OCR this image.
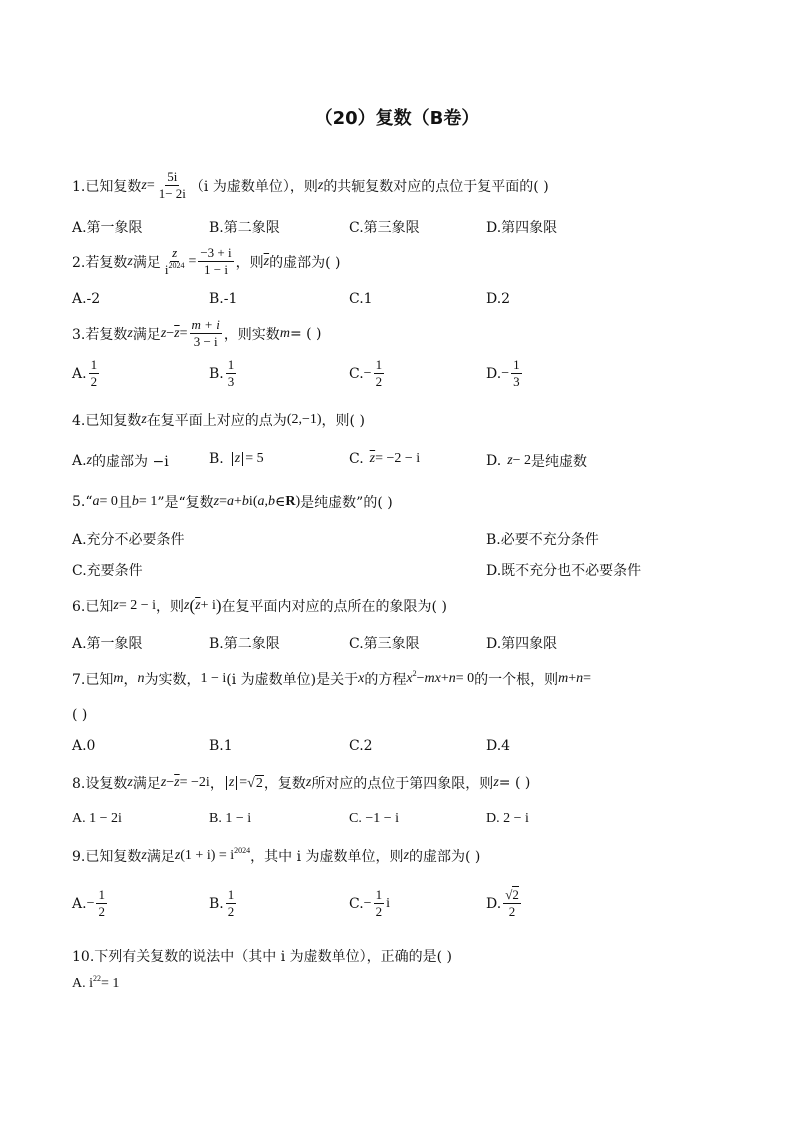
（20）复数（B卷）
1.已知复数 $z = \frac{5i}{1- 2i} (i$ 为虚数单位），则 z 的共轭复数对应的点位于复平面的( )
A.第一象限	B.第二象限	C.第三象限	D.第四象限
2.若复数 z 满足 $\frac{z}{i^{2024}} = \frac{-3 + i}{1 - i}$ ，则 $\overline{z}$ 的虚部为( )
A.-2	B.-1	C.1	D.2
3.若复数 z 满足 $z - \overline{z} = \frac{m + i}{3 - i}$ ，则实数 m = ( )
A. $\frac{1}{2}$	B. $\frac{1}{3}$	C. − $\frac{1}{2}$	D. − $\frac{1}{3}$
4.已知复数 z 在复平面上对应的点为 (2,−1) ，则( )
A. z 的虚部为 −i	B. z = 5	C. $\overline{z} = -2 - i$	D. z − 2 是纯虚数
5.“ a = 0 且 b = 1 ”是“复数 z = a + b i ( a , b ∈ R ) 是纯虚数”的( )
A.充分不必要条件	B.必要不充分条件
C.充要条件	D.既不充分也不必要条件
6.已知 z = 2 − i ，则 z ( $\overline{z} + i$ ) 在复平面内对应的点所在的象限为( )
A.第一象限	B.第二象限	C.第三象限	D.第四象限
7.已知 m ， n 为实数， 1 − i (i 为虚数单位)是关于 x 的方程 x 2 − m x + n = 0 的一个根，则 m + n =
( )
A.0	B.1	C.2	D.4
8.设复数 z 满足 $z - \overline{z} = -2i$ ， z = √ 2 ，复数 z 所对应的点位于第四象限，则 z = ( )
A. 1 − 2i	B. 1 − i	C. −1 − i	D. 2 − i
9.已知复数 z 满足 z (1 + i) = i 2024 ，其中 i 为虚数单位，则 z 的虚部为( )
A. − $\frac{1}{2}$	B. $\frac{1}{2}$	C. − $\frac{1}{2}$ i	D. $\frac{√2}{2}$
10.下列有关复数的说法中（其中 i 为虚数单位），正确的是( )
A. i 22 = 1
